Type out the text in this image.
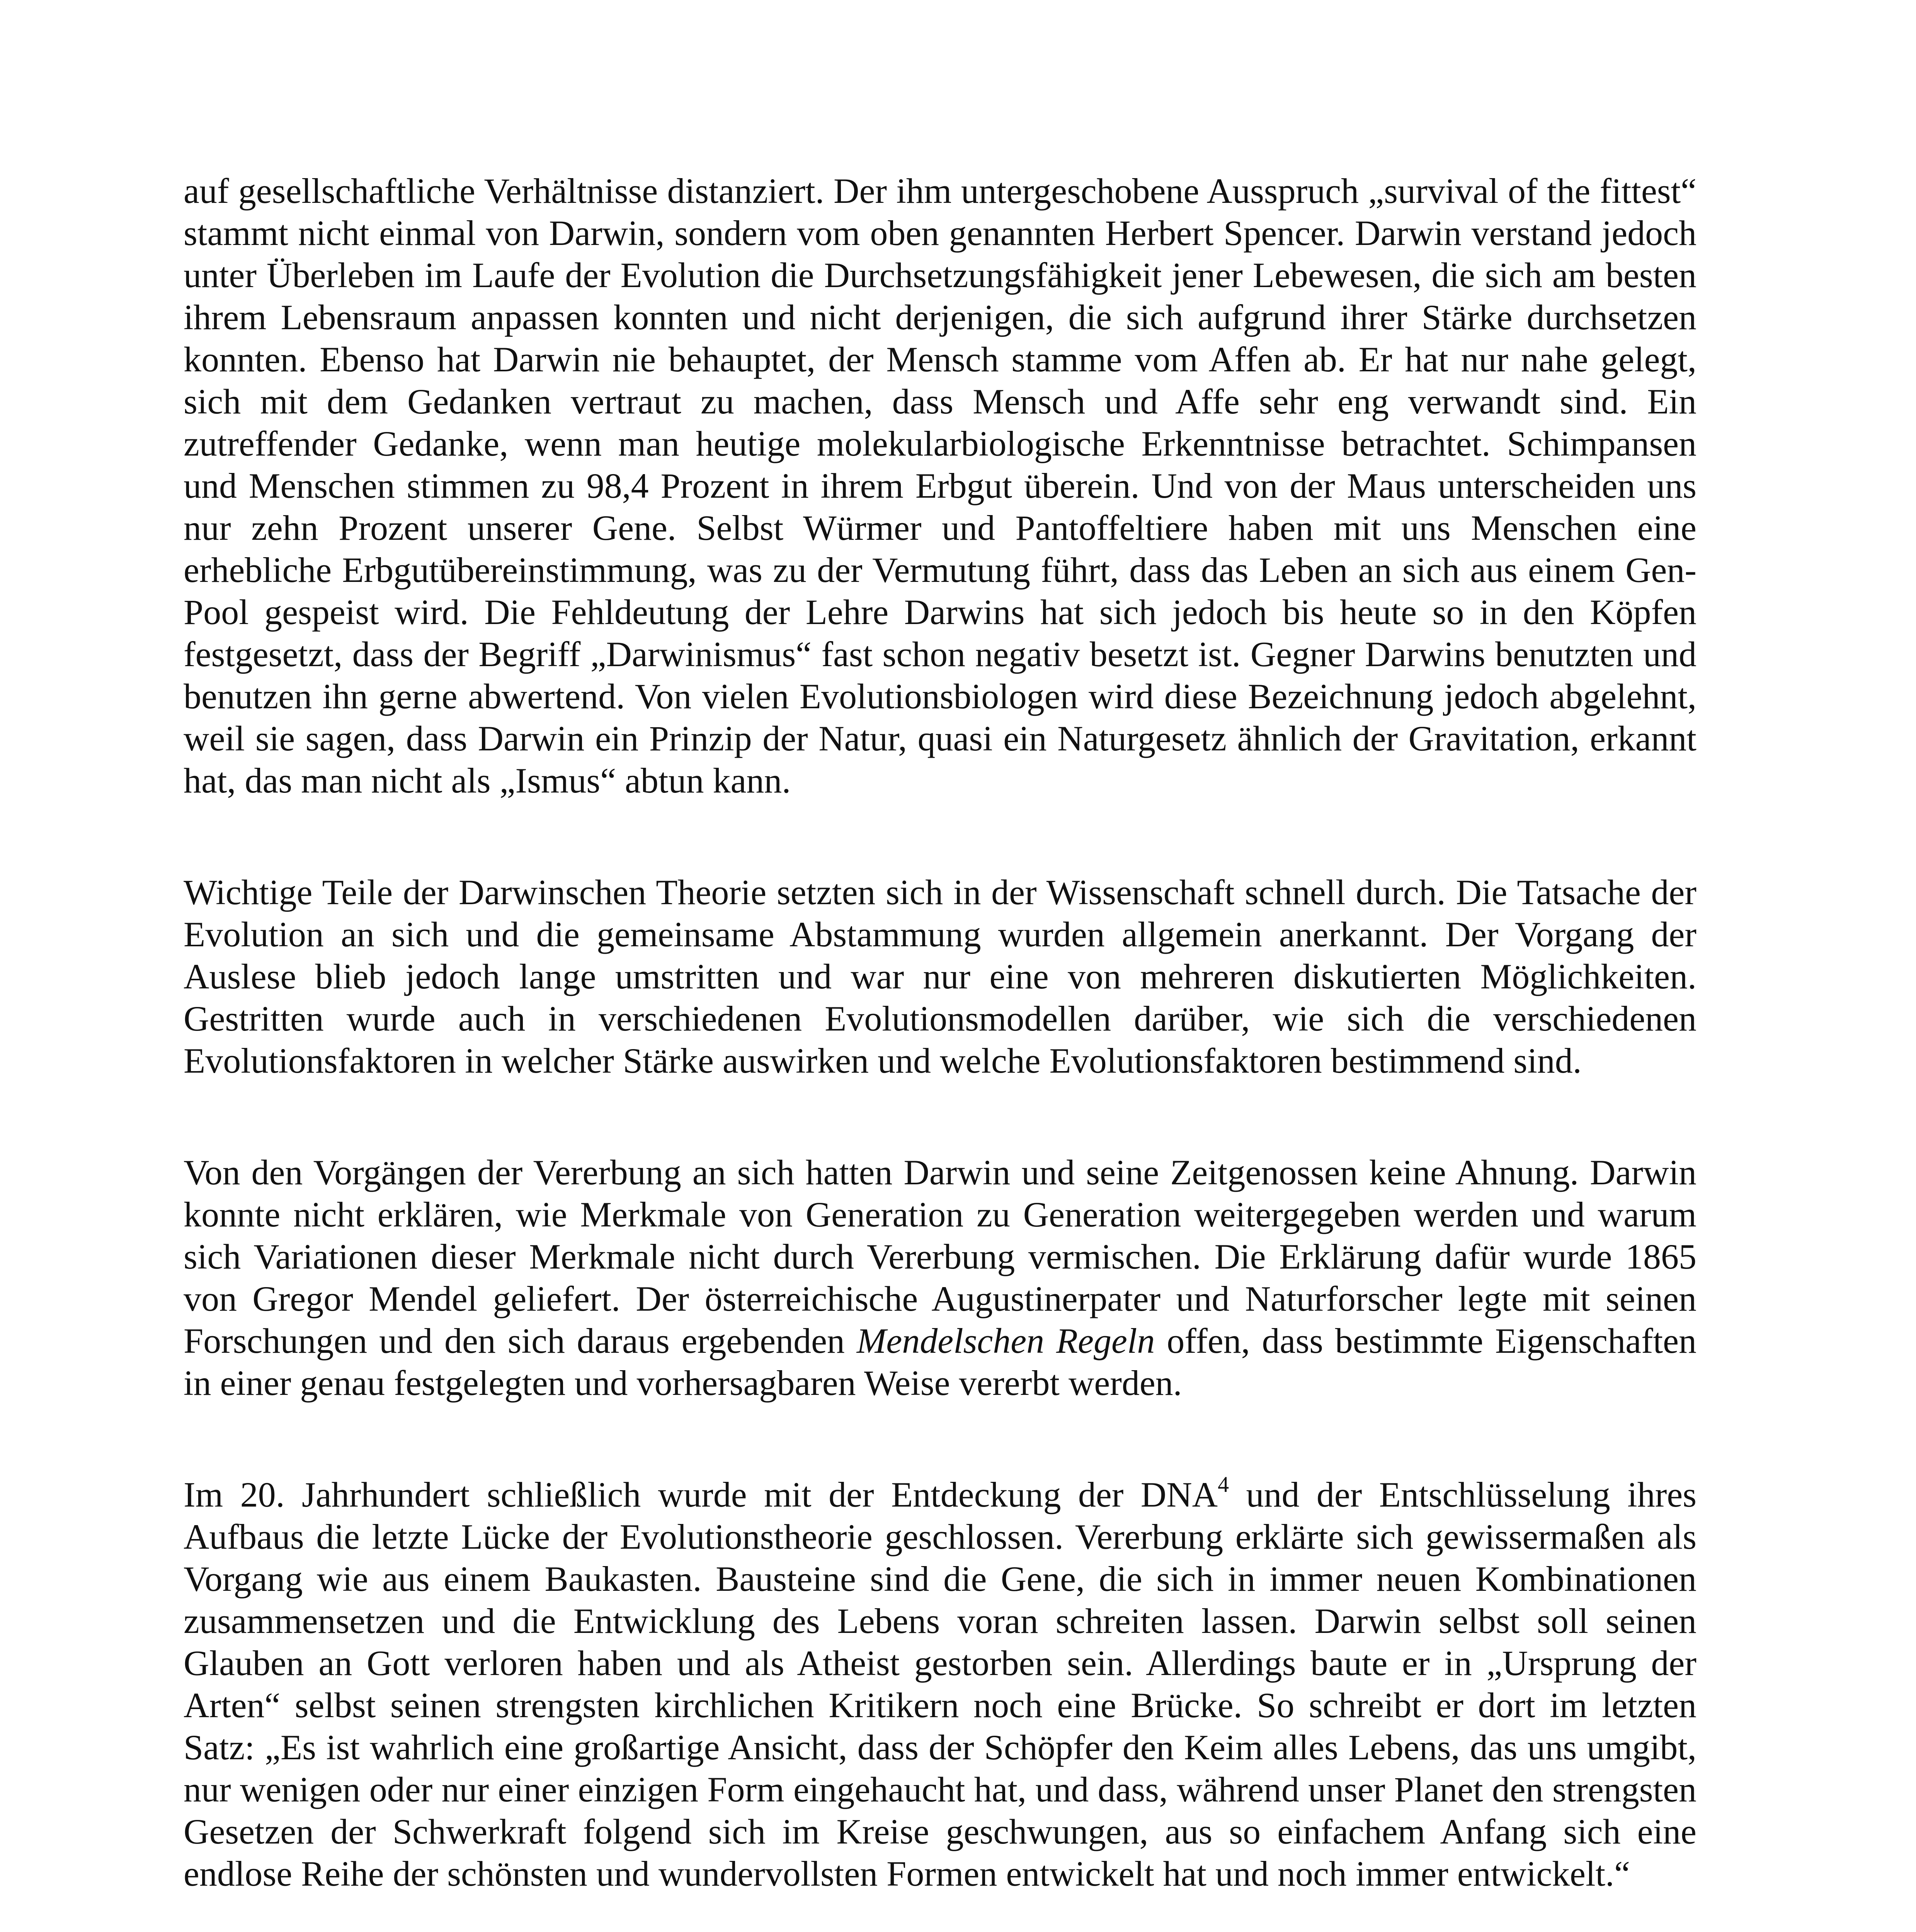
auf gesellschaftliche Verhältnisse distanziert. Der ihm untergeschobene Ausspruch „survival of the fittest“ stammt nicht einmal von Darwin, sondern vom oben genannten Herbert Spencer. Darwin verstand jedoch unter Überleben im Laufe der Evolution die Durchsetzungsfähigkeit jener Lebewesen, die sich am besten ihrem Lebensraum anpassen konnten und nicht derjenigen, die sich aufgrund ihrer Stärke durchsetzen konnten. Ebenso hat Darwin nie behauptet, der Mensch stamme vom Affen ab. Er hat nur nahe gelegt, sich mit dem Gedanken vertraut zu machen, dass Mensch und Affe sehr eng verwandt sind. Ein zutreffender Gedanke, wenn man heutige molekularbiologische Erkenntnisse betrachtet. Schimpansen und Menschen stimmen zu 98,4 Prozent in ihrem Erbgut überein. Und von der Maus unterscheiden uns nur zehn Prozent unserer Gene. Selbst Würmer und Pantoffeltiere haben mit uns Menschen eine erhebliche Erbgutübereinstimmung, was zu der Vermutung führt, dass das Leben an sich aus einem Gen-Pool gespeist wird. Die Fehldeutung der Lehre Darwins hat sich jedoch bis heute so in den Köpfen festgesetzt, dass der Begriff „Darwinismus“ fast schon negativ besetzt ist. Gegner Darwins benutzten und benutzen ihn gerne abwertend. Von vielen Evolutionsbiologen wird diese Bezeichnung jedoch abgelehnt, weil sie sagen, dass Darwin ein Prinzip der Natur, quasi ein Naturgesetz ähnlich der Gravitation, erkannt hat, das man nicht als „Ismus“ abtun kann.

Wichtige Teile der Darwinschen Theorie setzten sich in der Wissenschaft schnell durch. Die Tatsache der Evolution an sich und die gemeinsame Abstammung wurden allgemein anerkannt. Der Vorgang der Auslese blieb jedoch lange umstritten und war nur eine von mehreren diskutierten Möglichkeiten. Gestritten wurde auch in verschiedenen Evolutionsmodellen darüber, wie sich die verschiedenen Evolutionsfaktoren in welcher Stärke auswirken und welche Evolutionsfaktoren bestimmend sind.

Von den Vorgängen der Vererbung an sich hatten Darwin und seine Zeitgenossen keine Ahnung. Darwin konnte nicht erklären, wie Merkmale von Generation zu Generation weitergegeben werden und warum sich Variationen dieser Merkmale nicht durch Vererbung vermischen. Die Erklärung dafür wurde 1865 von Gregor Mendel geliefert. Der österreichische Augustinerpater und Naturforscher legte mit seinen Forschungen und den sich daraus ergebenden Mendelschen Regeln offen, dass bestimmte Eigenschaften in einer genau festgelegten und vorhersagbaren Weise vererbt werden.

Im 20. Jahrhundert schließlich wurde mit der Entdeckung der DNA$^4$ und der Entschlüsselung ihres Aufbaus die letzte Lücke der Evolutionstheorie geschlossen. Vererbung erklärte sich gewissermaßen als Vorgang wie aus einem Baukasten. Bausteine sind die Gene, die sich in immer neuen Kombinationen zusammensetzen und die Entwicklung des Lebens voran schreiten lassen. Darwin selbst soll seinen Glauben an Gott verloren haben und als Atheist gestorben sein. Allerdings baute er in „Ursprung der Arten“ selbst seinen strengsten kirchlichen Kritikern noch eine Brücke. So schreibt er dort im letzten Satz: „Es ist wahrlich eine großartige Ansicht, dass der Schöpfer den Keim alles Lebens, das uns umgibt, nur wenigen oder nur einer einzigen Form eingehaucht hat, und dass, während unser Planet den strengsten Gesetzen der Schwerkraft folgend sich im Kreise geschwungen, aus so einfachem Anfang sich eine endlose Reihe der schönsten und wundervollsten Formen entwickelt hat und noch immer entwickelt.“
